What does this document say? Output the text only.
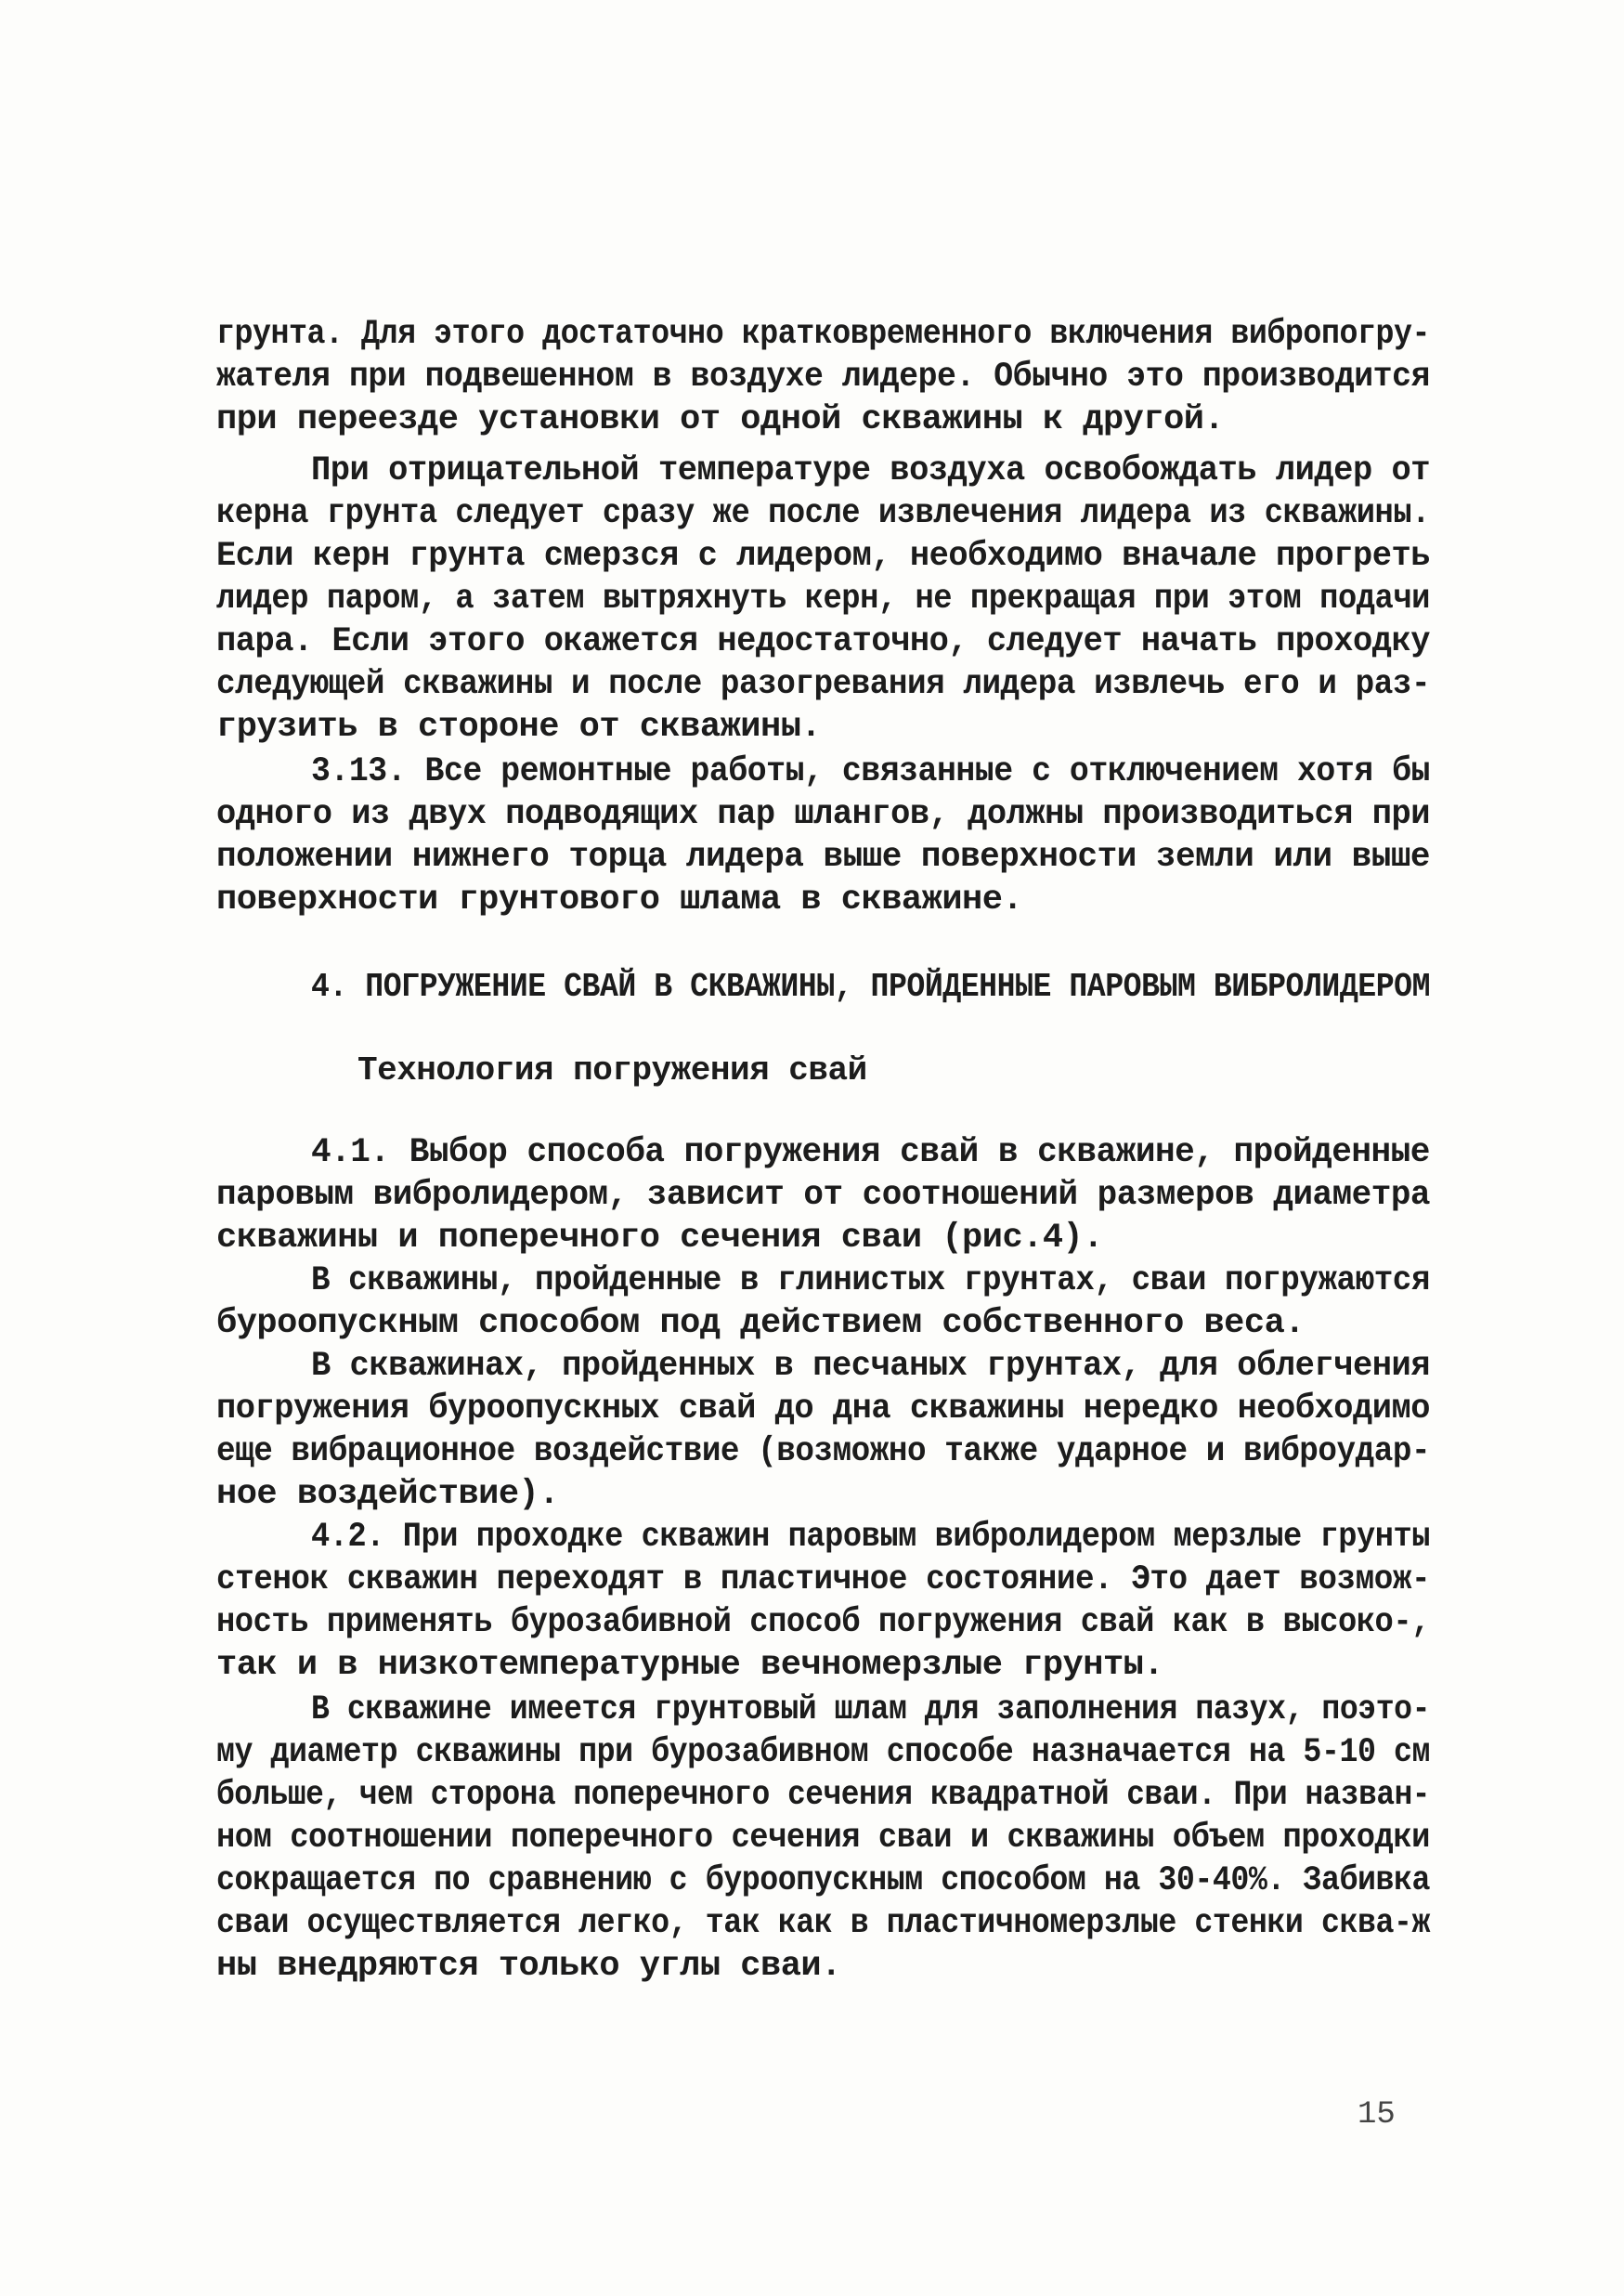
грунта. Для этого достаточно кратковременного включения вибропогру-
жателя при подвешенном в воздухе лидере. Обычно это производится
при переезде установки от одной скважины к другой.
При отрицательной температуре воздуха освобождать лидер от
керна грунта следует сразу же после извлечения лидера из скважины.
Если керн грунта смерзся с лидером, необходимо вначале прогреть
лидер паром, а затем вытряхнуть керн, не прекращая при этом подачи
пара. Если этого окажется недостаточно, следует начать проходку
следующей скважины и после разогревания лидера извлечь его и раз-
грузить в стороне от скважины.
3.13. Все ремонтные работы, связанные с отключением хотя бы
одного из двух подводящих пар шлангов, должны производиться при
положении нижнего торца лидера выше поверхности земли или выше
поверхности грунтового шлама в скважине.
4. ПОГРУЖЕНИЕ СВАЙ В СКВАЖИНЫ, ПРОЙДЕННЫЕ ПАРОВЫМ ВИБРОЛИДЕРОМ
Технология погружения свай
4.1. Выбор способа погружения свай в скважине, пройденные
паровым вибролидером, зависит от соотношений размеров диаметра
скважины и поперечного сечения сваи (рис.4).
В скважины, пройденные в глинистых грунтах, сваи погружаются
буроопускным способом под действием собственного веса.
В скважинах, пройденных в песчаных грунтах, для облегчения
погружения буроопускных свай до дна скважины нередко необходимо
еще вибрационное воздействие (возможно также ударное и виброудар-
ное воздействие).
4.2. При проходке скважин паровым вибролидером мерзлые грунты
стенок скважин переходят в пластичное состояние. Это дает возмож-
ность применять бурозабивной способ погружения свай как в высоко-,
так и в низкотемпературные вечномерзлые грунты.
В скважине имеется грунтовый шлам для заполнения пазух, поэто-
му диаметр скважины при бурозабивном способе назначается на 5-10 см
больше, чем сторона поперечного сечения квадратной сваи. При назван-
ном соотношении поперечного сечения сваи и скважины объем проходки
сокращается по сравнению с буроопускным способом на 30-40%. Забивка
сваи осуществляется легко, так как в пластичномерзлые стенки сква-ж
ны внедряются только углы сваи.
15
